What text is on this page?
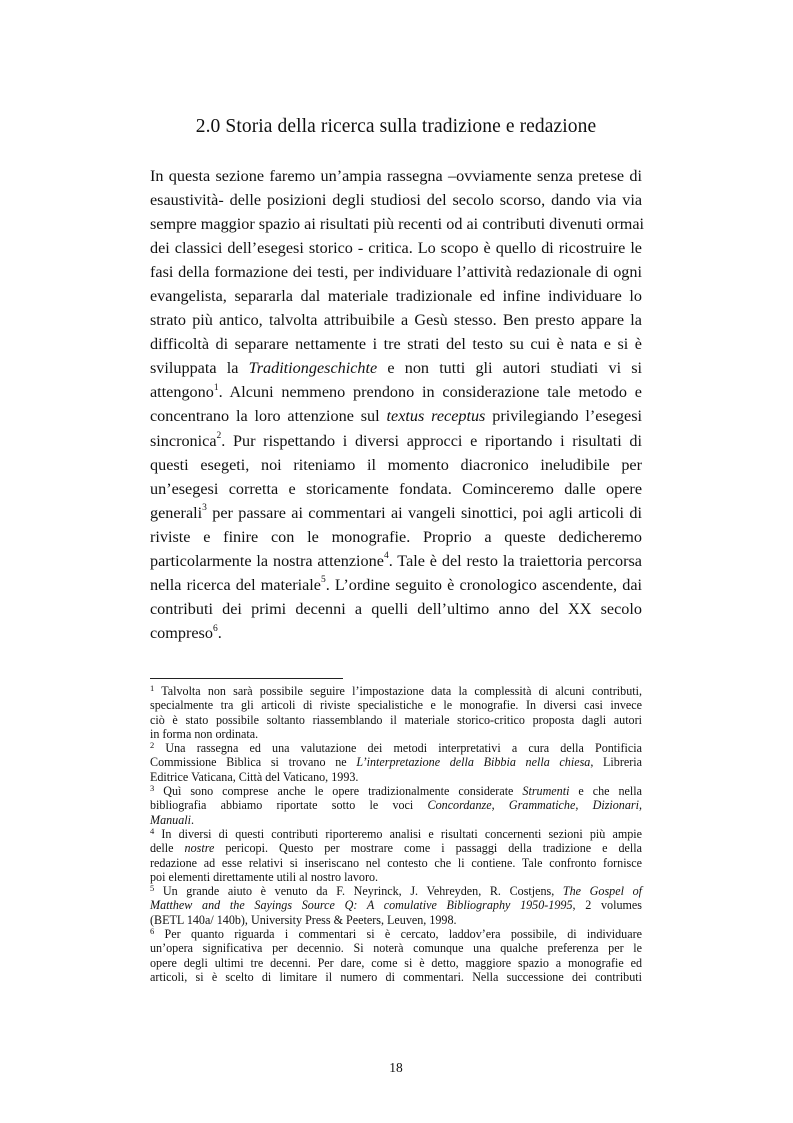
2.0 Storia della ricerca sulla tradizione e redazione
In questa sezione faremo un’ampia rassegna –ovviamente senza pretese di
esaustività- delle posizioni degli studiosi del secolo scorso, dando via via
sempre maggior spazio ai risultati più recenti od ai contributi divenuti ormai
dei classici dell’esegesi storico - critica. Lo scopo è quello di ricostruire le
fasi della formazione dei testi, per individuare l’attività redazionale di ogni
evangelista, separarla dal materiale tradizionale ed infine individuare lo
strato più antico, talvolta attribuibile a Gesù stesso. Ben presto appare la
difficoltà di separare nettamente i tre strati del testo su cui è nata e si è
sviluppata la Traditiongeschichte e non tutti gli autori studiati vi si
attengono$^1$. Alcuni nemmeno prendono in considerazione tale metodo e
concentrano la loro attenzione sul textus receptus privilegiando l’esegesi
sincronica$^2$. Pur rispettando i diversi approcci e riportando i risultati di
questi esegeti, noi riteniamo il momento diacronico ineludibile per
un’esegesi corretta e storicamente fondata. Cominceremo dalle opere
generali$^3$ per passare ai commentari ai vangeli sinottici, poi agli articoli di
riviste e finire con le monografie. Proprio a queste dedicheremo
particolarmente la nostra attenzione$^4$. Tale è del resto la traiettoria percorsa
nella ricerca del materiale$^5$. L’ordine seguito è cronologico ascendente, dai
contributi dei primi decenni a quelli dell’ultimo anno del XX secolo
compreso$^6$.
$^1$ Talvolta non sarà possibile seguire l’impostazione data la complessità di alcuni contributi,
specialmente tra gli articoli di riviste specialistiche e le monografie. In diversi casi invece
ciò è stato possibile soltanto riassemblando il materiale storico-critico proposta dagli autori
in forma non ordinata.
$^2$ Una rassegna ed una valutazione dei metodi interpretativi a cura della Pontificia
Commissione Biblica si trovano ne L’interpretazione della Bibbia nella chiesa, Libreria
Editrice Vaticana, Città del Vaticano, 1993.
$^3$ Quì sono comprese anche le opere tradizionalmente considerate Strumenti e che nella
bibliografia abbiamo riportate sotto le voci Concordanze, Grammatiche, Dizionari,
Manuali.
$^4$ In diversi di questi contributi riporteremo analisi e risultati concernenti sezioni più ampie
delle nostre pericopi. Questo per mostrare come i passaggi della tradizione e della
redazione ad esse relativi si inseriscano nel contesto che li contiene. Tale confronto fornisce
poi elementi direttamente utili al nostro lavoro.
$^5$ Un grande aiuto è venuto da F. Neyrinck, J. Vehreyden, R. Costjens, The Gospel of
Matthew and the Sayings Source Q: A comulative Bibliography 1950-1995, 2 volumes
(BETL 140a/ 140b), University Press & Peeters, Leuven, 1998.
$^6$ Per quanto riguarda i commentari si è cercato, laddov’era possibile, di individuare
un’opera significativa per decennio. Si noterà comunque una qualche preferenza per le
opere degli ultimi tre decenni. Per dare, come si è detto, maggiore spazio a monografie ed
articoli, si è scelto di limitare il numero di commentari. Nella successione dei contributi
18
